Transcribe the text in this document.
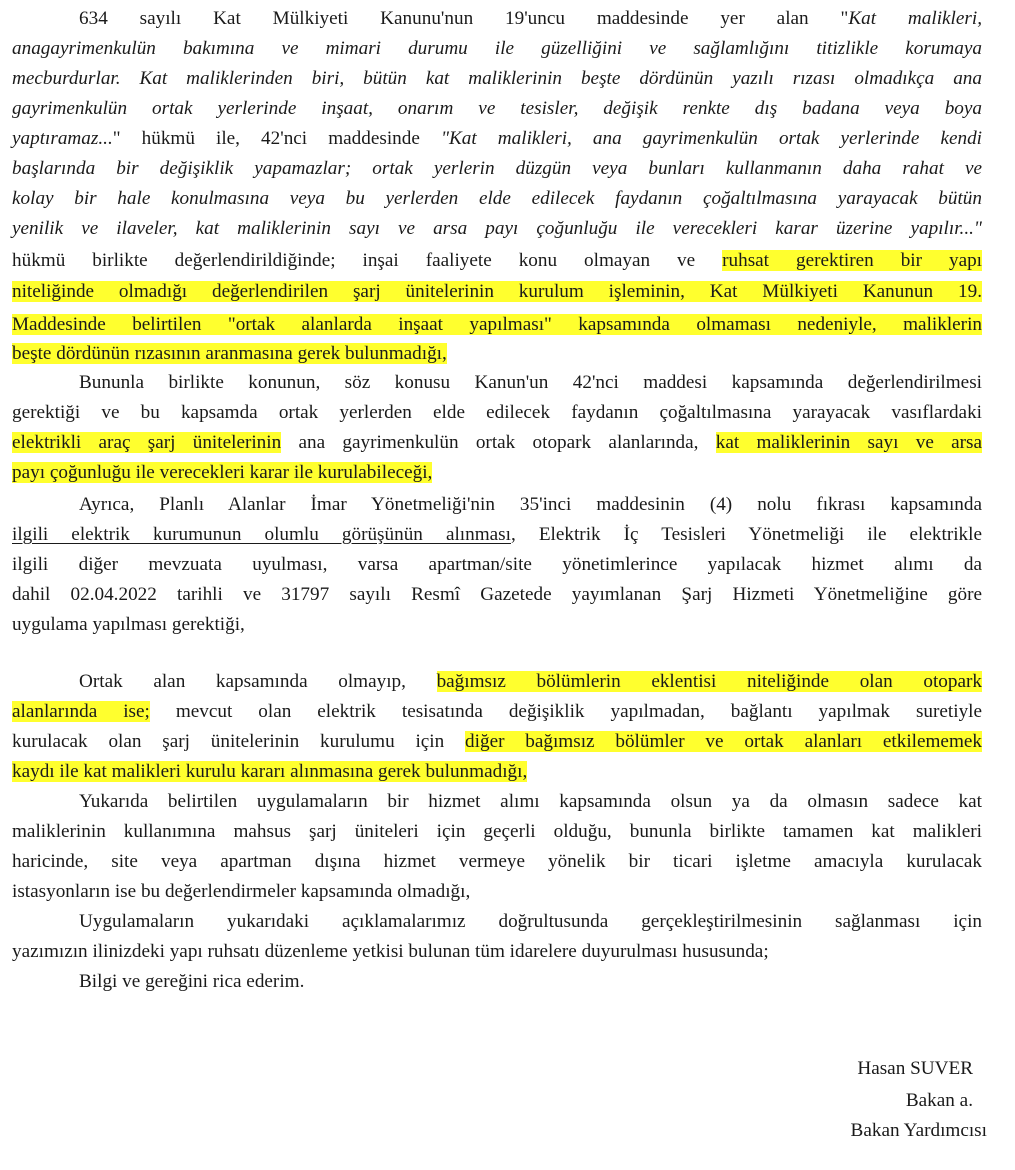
634 sayılı Kat Mülkiyeti Kanunu'nun 19'uncu maddesinde yer alan "Kat malikleri,
anagayrimenkulün bakımına ve mimari durumu ile güzelliğini ve sağlamlığını titizlikle korumaya
mecburdurlar. Kat maliklerinden biri, bütün kat maliklerinin beşte dördünün yazılı rızası olmadıkça ana
gayrimenkulün ortak yerlerinde inşaat, onarım ve tesisler, değişik renkte dış badana veya boya
yaptıramaz..." hükmü ile, 42'nci maddesinde "Kat malikleri, ana gayrimenkulün ortak yerlerinde kendi
başlarında bir değişiklik yapamazlar; ortak yerlerin düzgün veya bunları kullanmanın daha rahat ve
kolay bir hale konulmasına veya bu yerlerden elde edilecek faydanın çoğaltılmasına yarayacak bütün
yenilik ve ilaveler, kat maliklerinin sayı ve arsa payı çoğunluğu ile verecekleri karar üzerine yapılır..."
hükmü birlikte değerlendirildiğinde; inşai faaliyete konu olmayan ve ruhsat gerektiren bir yapı
niteliğinde olmadığı değerlendirilen şarj ünitelerinin kurulum işleminin, Kat Mülkiyeti Kanunun 19.
Maddesinde belirtilen "ortak alanlarda inşaat yapılması" kapsamında olmaması nedeniyle, maliklerin
beşte dördünün rızasının aranmasına gerek bulunmadığı,
Bununla birlikte konunun, söz konusu Kanun'un 42'nci maddesi kapsamında değerlendirilmesi
gerektiği ve bu kapsamda ortak yerlerden elde edilecek faydanın çoğaltılmasına yarayacak vasıflardaki
elektrikli araç şarj ünitelerinin ana gayrimenkulün ortak otopark alanlarında, kat maliklerinin sayı ve arsa
payı çoğunluğu ile verecekleri karar ile kurulabileceği,
Ayrıca, Planlı Alanlar İmar Yönetmeliği'nin 35'inci maddesinin (4) nolu fıkrası kapsamında
ilgili elektrik kurumunun olumlu görüşünün alınması, Elektrik İç Tesisleri Yönetmeliği ile elektrikle
ilgili diğer mevzuata uyulması, varsa apartman/site yönetimlerince yapılacak hizmet alımı da
dahil 02.04.2022 tarihli ve 31797 sayılı Resmî Gazetede yayımlanan Şarj Hizmeti Yönetmeliğine göre
uygulama yapılması gerektiği,
Ortak alan kapsamında olmayıp, bağımsız bölümlerin eklentisi niteliğinde olan otopark
alanlarında ise; mevcut olan elektrik tesisatında değişiklik yapılmadan, bağlantı yapılmak suretiyle
kurulacak olan şarj ünitelerinin kurulumu için diğer bağımsız bölümler ve ortak alanları etkilememek
kaydı ile kat malikleri kurulu kararı alınmasına gerek bulunmadığı,
Yukarıda belirtilen uygulamaların bir hizmet alımı kapsamında olsun ya da olmasın sadece kat
maliklerinin kullanımına mahsus şarj üniteleri için geçerli olduğu, bununla birlikte tamamen kat malikleri
haricinde, site veya apartman dışına hizmet vermeye yönelik bir ticari işletme amacıyla kurulacak
istasyonların ise bu değerlendirmeler kapsamında olmadığı,
Uygulamaların yukarıdaki açıklamalarımız doğrultusunda gerçekleştirilmesinin sağlanması için
yazımızın ilinizdeki yapı ruhsatı düzenleme yetkisi bulunan tüm idarelere duyurulması hususunda;
Bilgi ve gereğini rica ederim.
Hasan SUVER
Bakan a.
Bakan Yardımcısı
